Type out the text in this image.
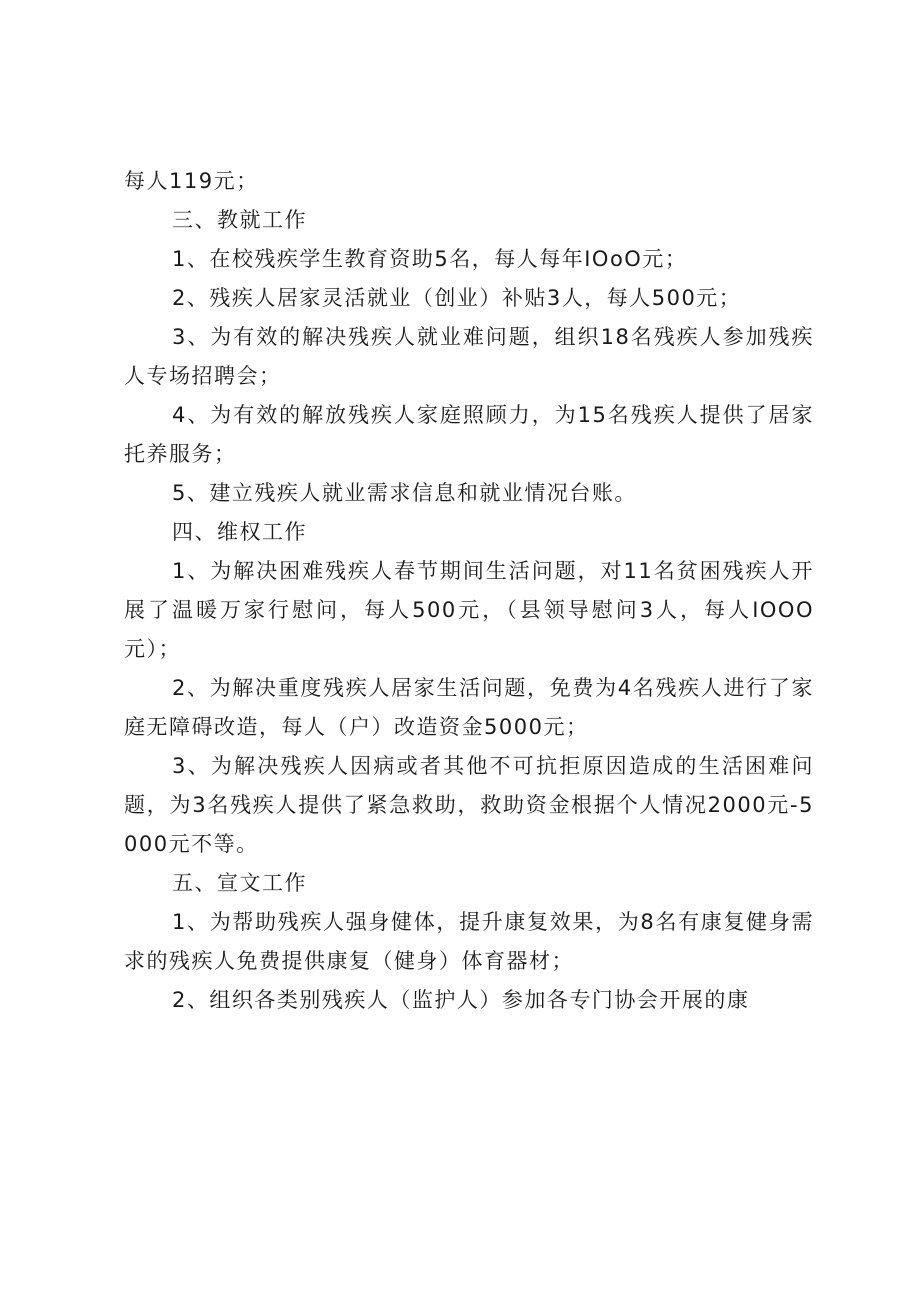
每人119元；

三、教就工作

1、在校残疾学生教育资助5名，每人每年IOoO元；

2、残疾人居家灵活就业（创业）补贴3人，每人500元；

3、为有效的解决残疾人就业难问题，组织18名残疾人参加残疾人专场招聘会；

4、为有效的解放残疾人家庭照顾力，为15名残疾人提供了居家托养服务；

5、建立残疾人就业需求信息和就业情况台账。

四、维权工作

1、为解决困难残疾人春节期间生活问题，对11名贫困残疾人开展了温暖万家行慰问，每人500元，（县领导慰问3人，每人IOOO元）；

2、为解决重度残疾人居家生活问题，免费为4名残疾人进行了家庭无障碍改造，每人（户）改造资金5000元；

3、为解决残疾人因病或者其他不可抗拒原因造成的生活困难问题，为3名残疾人提供了紧急救助，救助资金根据个人情况2000元-5000元不等。

五、宣文工作

1、为帮助残疾人强身健体，提升康复效果，为8名有康复健身需求的残疾人免费提供康复（健身）体育器材；

2、组织各类别残疾人（监护人）参加各专门协会开展的康
